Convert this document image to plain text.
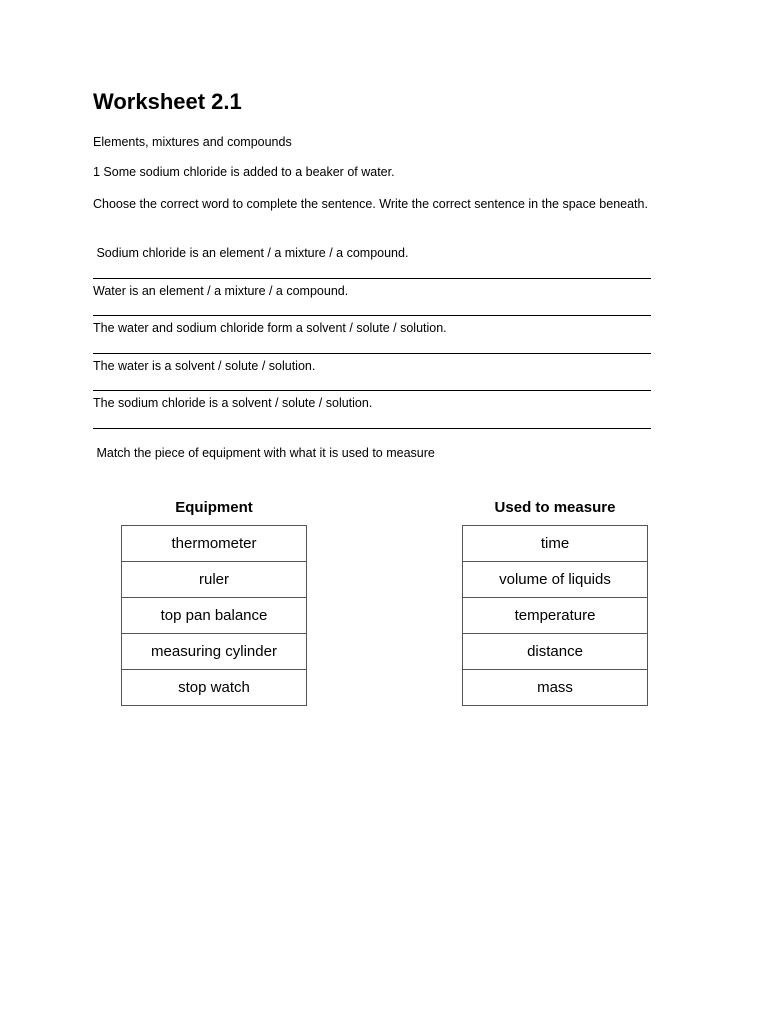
Worksheet 2.1

Elements, mixtures and compounds

1 Some sodium chloride is added to a beaker of water.

Choose the correct word to complete the sentence. Write the correct sentence in the space beneath.

Sodium chloride is an element / a mixture / a compound.

Water is an element / a mixture / a compound.

The water and sodium chloride form a solvent / solute / solution.

The water is a solvent / solute / solution.

The sodium chloride is a solvent / solute / solution.

Match the piece of equipment with what it is used to measure

Equipment	Used to measure
thermometer
ruler
top pan balance
measuring cylinder
stop watch
time
volume of liquids
temperature
distance
mass
